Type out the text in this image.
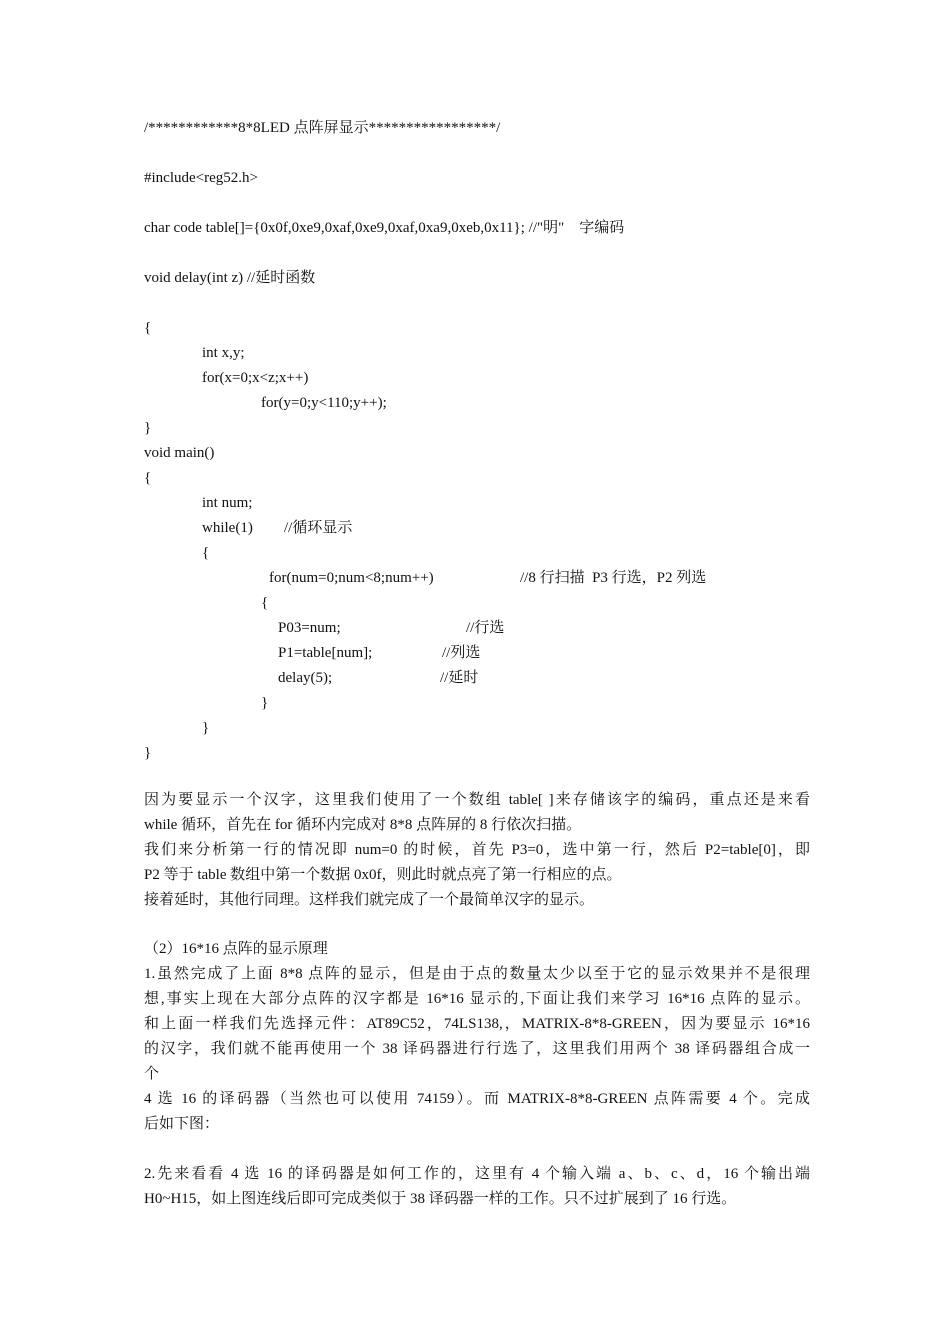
/************8*8LED 点阵屏显示*****************/
#include<reg52.h>
char code table[]={0x0f,0xe9,0xaf,0xe9,0xaf,0xa9,0xeb,0x11}; //"明"    字编码
void delay(int z) //延时函数
{
int x,y;
for(x=0;x<z;x++)
for(y=0;y<110;y++);
}
void main()
{
int num;
while(1) //循环显示
{
for(num=0;num<8;num++)	//8 行扫描  P3 行选，P2 列选
{
P03=num;	//行选
P1=table[num];	//列选
delay(5);	//延时
}
}
}
因为要显示一个汉字，这里我们使用了一个数组 table[ ]来存储该字的编码，重点还是来看
while 循环，首先在 for 循环内完成对 8*8 点阵屏的 8 行依次扫描。
我们来分析第一行的情况即 num=0 的时候，首先 P3=0，选中第一行，然后 P2=table[0]，即
P2 等于 table 数组中第一个数据 0x0f，则此时就点亮了第一行相应的点。
接着延时，其他行同理。这样我们就完成了一个最简单汉字的显示。
（2）16*16 点阵的显示原理
1.虽然完成了上面 8*8 点阵的显示，但是由于点的数量太少以至于它的显示效果并不是很理
想,事实上现在大部分点阵的汉字都是 16*16 显示的,下面让我们来学习 16*16 点阵的显示。
和上面一样我们先选择元件：AT89C52，74LS138,，MATRIX-8*8-GREEN，因为要显示 16*16
的汉字，我们就不能再使用一个 38 译码器进行行选了，这里我们用两个 38 译码器组合成一
个
4 选 16 的译码器（当然也可以使用 74159）。而 MATRIX-8*8-GREEN 点阵需要 4 个。完成
后如下图：
2.先来看看 4 选 16 的译码器是如何工作的，这里有 4 个输入端 a、b、c、d，16 个输出端
H0~H15，如上图连线后即可完成类似于 38 译码器一样的工作。只不过扩展到了 16 行选。
